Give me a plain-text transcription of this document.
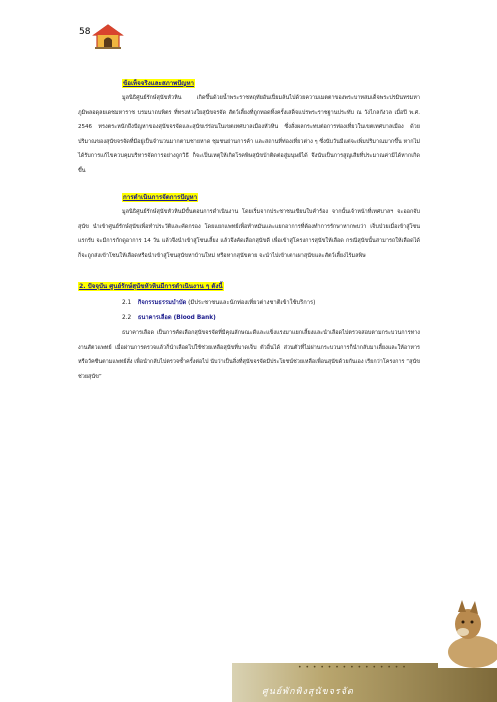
58
ข้อเท็จจริงและสภาพปัญหา

มูลนิธิศูนย์รักษ์สุนัขหัวหิน เกิดขึ้นด้วยน้ำพระราชหฤทัยอันเปี่ยมล้นไปด้วยความเมตตาของพระบาทสมเด็จพระปรมินทรมหาภูมิพลอดุลยเดชมหาราช บรมนาถบพิตร ที่ทรงห่วงใยสุนัขจรจัด สัตว์เลี้ยงที่ถูกทอดทิ้งครั้งเสด็จแปรพระราชฐานประทับ ณ วังไกลกังวล เมื่อปี พ.ศ. 2546 ทรงตระหนักถึงปัญหาของสุนัขจรจัดและสุนัขเร่ร่อนในเขตเทศบาลเมืองหัวหิน ซึ่งสั่งผลกระทบต่อการท่องเที่ยวในเขตเทศบาลเมือง ด้วยปริมาณของสุนัขจรจัดที่มีอยู่เป็นจำนวนมากตามชายหาด ชุมชนย่านการค้า และสถานที่ท่องเที่ยวต่าง ๆ ซึ่งนับวันมีแต่จะเพิ่มปริมาณมากขึ้น หากไม่ได้รับการแก้ไขควบคุมบริหารจัดการอย่างถูกวิธี ก็จะเป็นเหตุให้เกิดโรคพิษสุนัขบ้าติดต่อสู่มนุษย์ได้ จึงนับเป็นการสูญเสียที่ประมาณค่ามิได้หากเกิดขึ้น

การดำเนินการจัดการปัญหา

มูลนิธิศูนย์รักษ์สุนัขหัวหินมีขั้นตอนการดำเนินงาน โดยเริ่มจากประชาชนเขียนใบคำร้อง จากนั้นเจ้าหน้าที่เทศบาลฯ จะออกจับสุนัข นำเข้าศูนย์รักษ์สุนัขเพื่อทำประวัติและคัดกรอง โดยแยกแพทย์เพื่อทำหมันและแยกอาการที่ต้องทำการรักษาหากพบว่า เจ็บป่วยเมื่อเข้าสู่โซนแรกรับ จะมีการกักดูอาการ 14 วัน แล้วจึงนำเข้าสู่โซนเลี้ยง แล้วจึงคัดเลือกสุนัขดี เพื่อเข้าสู่โครงการสุนัขให้เลือด กรณีสุนัขนั้นสามารถให้เลือดได้ ก็จะถูกส่งเข้าโซนให้เลือดหรือนำเข้าสู่โซนสุนัขหาบ้านใหม่ หรือหากสุนัขตาย จะนำไปเข้าเตาเผาสุนัขและสัตว์เลี้ยงไร้มลพิษ

2. ปัจจุบัน ศูนย์รักษ์สุนัขหัวหินมีการดำเนินงาน ๆ ดังนี้
2.1 กิจกรรมธรรมบำบัด (มีประชาชนและนักท่องเที่ยวต่างชาติเข้าใช้บริการ)
2.2 ธนาคารเลือด (Blood Bank)

ธนาคารเลือด เป็นการคัดเลือกสุนัขจรจัดที่มีคุณลักษณะดีและแข็งแรงมาแยกเลี้ยงและนำเลือดไปตรวจสอบตามกระบวนการทางงานสัตวแพทย์ เมื่อผ่านการตรวจแล้วก็นำเลือดไปใช้ช่วยเหลือสุนัขที่บาดเจ็บ ตัวอื่นได้ ส่วนตัวที่ไม่ผ่านกระบวนการก็นำกลับมาเลี้ยงและให้อาหารหรือวัคซีนตามแพทย์สั่ง เพื่อนำกลับไปตรวจซ้ำครั้งต่อไป นับว่าเป็นสิ่งที่สุนัขจรจัดมีประโยชน์ช่วยเหลือเพื่อนสุนัขด้วยกันเอง เรียกว่าโครงการ “สุนัขช่วยสุนัข”

• • • • • • • • • • • • • • •
ศูนย์พักพิงสุนัขจรจัด
